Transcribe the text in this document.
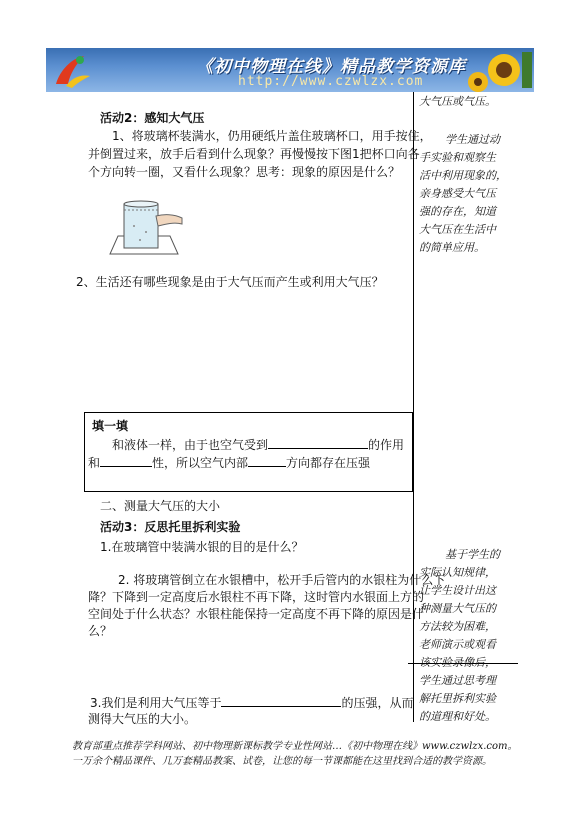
《初中物理在线》精品教学资源库
http://www.czwlzx.com
大气压或气压。
学生通过动
手实验和观察生
活中利用现象的，
亲身感受大气压
强的存在，知道
大气压在生活中
的简单应用。
基于学生的
实际认知规律，
让学生设计出这
种测量大气压的
方法较为困难，
老师演示或观看
该实验录像后，
学生通过思考理
解托里拆利实验
的道理和好处。
活动2：感知大气压
1、将玻璃杯装满水，仍用硬纸片盖住玻璃杯口，用手按住，
并倒置过来，放手后看到什么现象？再慢慢按下图1把杯口向各
个方向转一圈，又看什么现象？思考：现象的原因是什么？
2、生活还有哪些现象是由于大气压而产生或利用大气压？
填一填
和液体一样，由于也空气受到	的作用
和	性，所以空气内部	方向都存在压强
二、测量大气压的大小
活动3：反思托里拆利实验
1.在玻璃管中装满水银的目的是什么？
2. 将玻璃管倒立在水银槽中，松开手后管内的水银柱为什么下
降？下降到一定高度后水银柱不再下降，这时管内水银面上方的
空间处于什么状态？水银柱能保持一定高度不再下降的原因是什
么？
3.我们是利用大气压等于	的压强，从而
测得大气压的大小。
教育部重点推荐学科网站、初中物理新课标教学专业性网站…《初中物理在线》www.czwlzx.com。
一万余个精品课件、几万套精品教案、试卷，让您的每一节课都能在这里找到合适的教学资源。
